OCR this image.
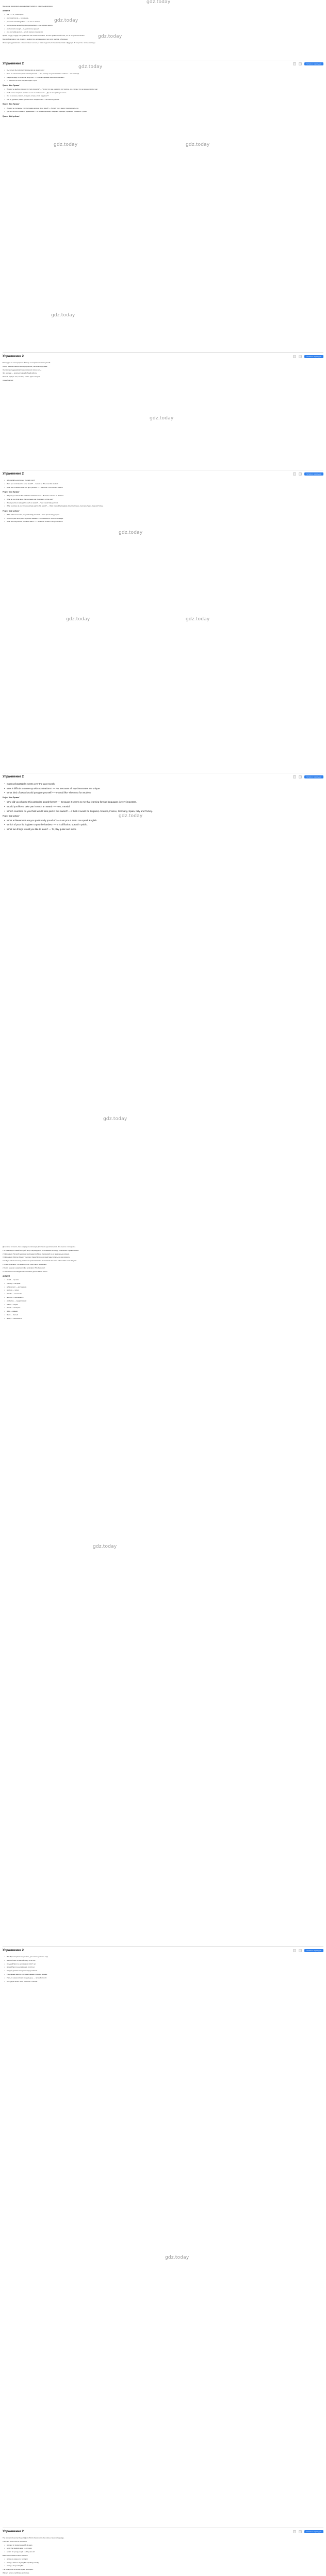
gdz.today
gdz.today
gdz.today
gdz.today
gdz.today	gdz.today
gdz.today
gdz.today
gdz.today
gdz.today	gdz.today
gdz.today
gdz.today
gdz.today
gdz.today

Мне нужно продолжить мешу книжкет пописку и ответить на вопросы.

ANSWER

• that I — то, что/которое

• you know how to — ты умеешь

• you know something about — ты что-то знаешь

• you're good at something (doing something) — ты хорош в чем-то

• you're smart enough — ты достаточно умный

• you are really good at — у тебя хорошо получается

Прямо оттуда, откуда и мы работаем. Мы на всё способны. Но мне нравится мой план, и я не хочу ничего менять.

Бытовой рассказ о том, почему я выбрал это направление и чего хочу достичь в будущем.

Затем прошу рассказать о своих планах на лето, а также поделиться своими мыслями о будущем. Я хочу стать частью команды.

Упражнение 2	Читаем и переводим

• Мы хотели бы поприветствовать вас на нашем шоу!

• Быть на нашем вечернем номинационном — Нет, потому что для нас самое главное — это команда.

• Какую награду ты хотел бы получить? — А ты бы? Премия Золотые Слоновые?

• — Понятно. Но я не хочу выглядеть глупо.

Проект 'Моя Премия'

• Почему ты выбрал именно эту тему проекта? — Потому что мне нравится этот вопрос, и я считаю, что он важен для всех нас.

• Ты бы хотел получить премию за что-то особенное? — Да, за мою работу в школе.

• Что ты можешь сказать о людях, которые тебя окружают?

• Как ты думаешь, каким должен быть победитель? — Честным и добрым.

Проект 'Моя Премия'

• Почему ты считаешь, что эта премия должна быть твоей? — Потому что я много трудился весь год.

• Где бы ты хотел провести церемонию? — В Великобритании, Америке, Франции, Германии, Испании и Турции.

Проект 'Мой рейтинг'

Упражнение 2	Читаем и переводим

Благодарю за этот прекрасный вечер и за признание моих усилий.

Я хочу сказать спасибо моим родителям, учителям и друзьям.

Они всегда поддерживали меня и верили в мои силы.

Эта награда — результат нашей общей работы.

Я очень горжусь тем, что могу стоять здесь сегодня.

Спасибо всем!

Упражнение 2	Читаем и переводим

• unforgettable events over the past month

• Were you nominated for some award? — I would be 'The most fun student'

• What kind of award would you give yourself? — I would like 'The most fun student'

Project 'Моя Премия'

• Why did you choose this particular award theme? — Because I want to be the best.

• What do you think about the nominees and the winners of this year?

• Would you like to take part in such an award? — Yes, I would take part in it.

• What countries do you think would take part in this award? — I think it would be England, America, France, Germany, Spain, Italy and Turkey.

Project 'Мой рейтинг'

• What achievement are you particularly proud of? — I am proud of my project.

• Which of your list is given to you the hardest? — It is difficult for me to be on stage.

• What two things would you like to learn? — I would like to learn to sing and dance.

Упражнение 2	Читаем и переводим

• most unforgettable events over the past month

• Was it difficult to come up with nominations? — No. Because all my classmates are unique.

• What kind of award would you give yourself? — I would like 'The most fun student'

Project 'Моя Премия'

• Why did you choose this particular award theme? — Because it seems to me that learning foreign languages is very important.

• Would you like to take part in such an award? — Yes, I would.

• Which countries do you think would take part in this award? — I think it would be England, America, France, Germany, Spain, Italy and Turkey.

Project 'Мой рейтинг'

• What achievement are you particularly proud of? — I am proud that I can speak English.

• Which of your list is given to you the hardest? — It is difficult to speak in public.

• What two things would you like to learn? — To play guitar and swim.

Дети могут сочинить свою награду и номинацию для своих одноклассников. Это весело и интересно.

1. В номинации 'Самый быстрый бегун' награждается Петя Иванов за победу в школьных соревнованиях.

2. Номинация 'Лучший художник' присуждается Маше Смирновой за её прекрасные рисунки.

3. Номинация 'Мистер Эрудит' получает Саша Петров, который знает ответы на все вопросы.

In today's school ceremony, we have a special award for the students who have achieved the most this year.

1. In the nomination 'The fastest runner' Pete Ivanov is awarded.

2. Katya Ivanova is awarded in the nomination 'The best cook'.

3. The award in the 'Megamind' nomination goes to Sasha Petrov.

ANSWER

• award — премия

• meeting — встреча

• achievement — достижение

• success — успех

• attitude — отношение

• admired — восхищался

• productive — продуктивный

• rather — скорее

• attend — посещать

• skills — навыки

• fluent — беглый

• ability — способность

Упражнение 2	Читаем и переводим

• Я выбрал вступительную часть для нового учебного года.

• Высший балл по английскому 19-20 лет.

• Средний балл по английскому 16-17 лет.

• Низкий балл по английскому 10-12 лет.

• Каждый должен выступить перед классом.

• Регулярные занятия улучшают навыки чтения и письма.

• Учиться новым словам каждый день — лучший способ.

• Мы будем писать эссе, рассказы и письма.

Упражнение 2	Читаем и переводим

The number chosen by the participant. But it should not be the native or second language.

There are three levels in the award:

• primary: for students aged 8-11 years

• junior: for students aged 11-16 years

• senior: for young people 16-20 years old

Each level consists of three sections:

• writing an essay on a fun topic;

• writing a letter to any English-speaking country;

• writing a story in English.

The essay must be written by the participant.

Winners receive certificates and prizes.
